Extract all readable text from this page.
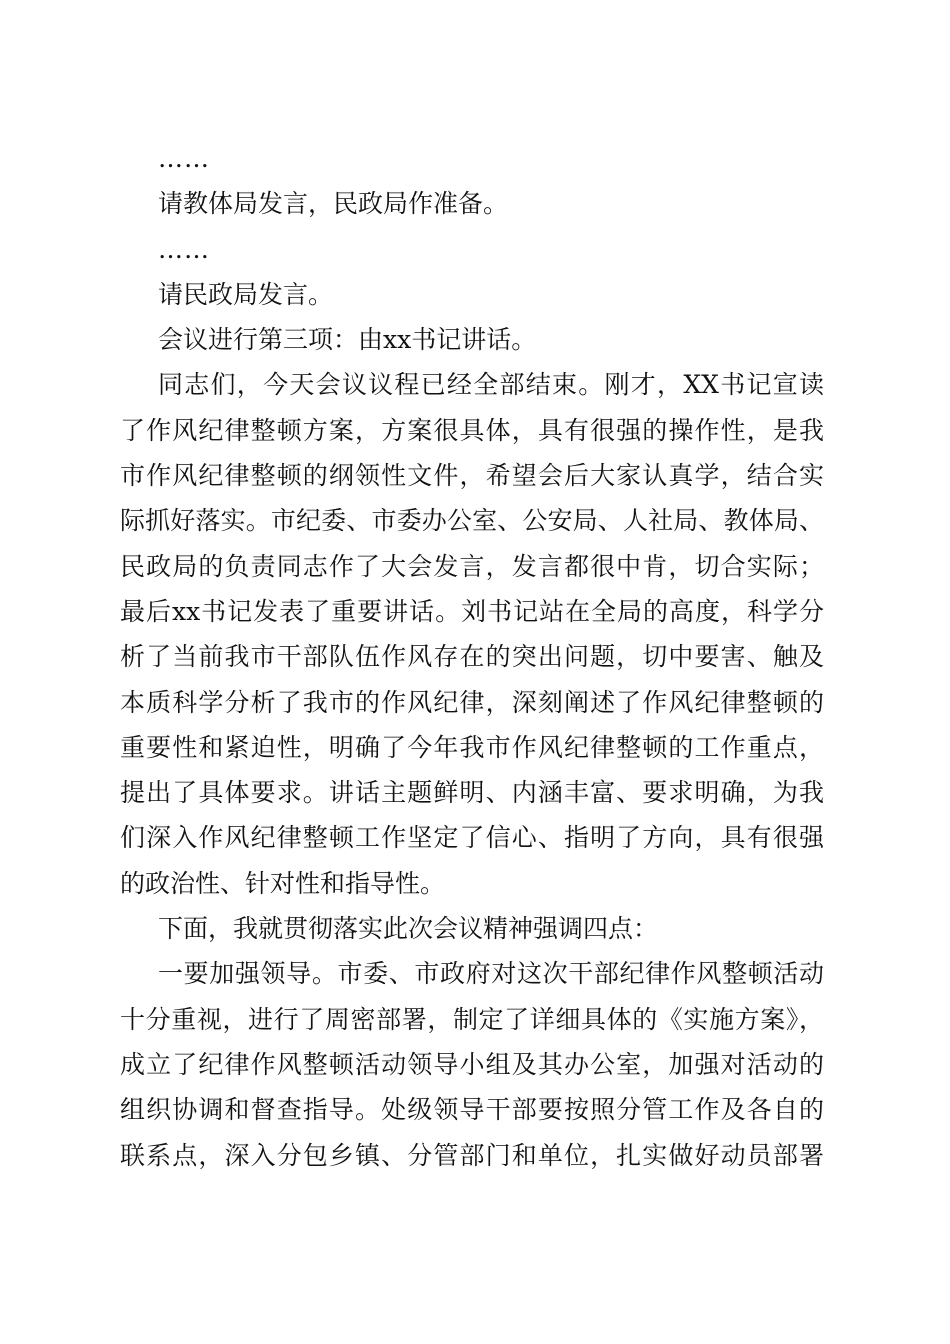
……
请教体局发言，民政局作准备。
……
请民政局发言。
会议进行第三项：由xx书记讲话。
同志们，今天会议议程已经全部结束。刚才，XX书记宣读
了作风纪律整顿方案，方案很具体，具有很强的操作性，是我
市作风纪律整顿的纲领性文件，希望会后大家认真学，结合实
际抓好落实。市纪委、市委办公室、公安局、人社局、教体局、
民政局的负责同志作了大会发言，发言都很中肯，切合实际；
最后xx书记发表了重要讲话。刘书记站在全局的高度，科学分
析了当前我市干部队伍作风存在的突出问题，切中要害、触及
本质科学分析了我市的作风纪律，深刻阐述了作风纪律整顿的
重要性和紧迫性，明确了今年我市作风纪律整顿的工作重点，
提出了具体要求。讲话主题鲜明、内涵丰富、要求明确，为我
们深入作风纪律整顿工作坚定了信心、指明了方向，具有很强
的政治性、针对性和指导性。
下面，我就贯彻落实此次会议精神强调四点：
一要加强领导。市委、市政府对这次干部纪律作风整顿活动
十分重视，进行了周密部署，制定了详细具体的《实施方案》，
成立了纪律作风整顿活动领导小组及其办公室，加强对活动的
组织协调和督查指导。处级领导干部要按照分管工作及各自的
联系点，深入分包乡镇、分管部门和单位，扎实做好动员部署
